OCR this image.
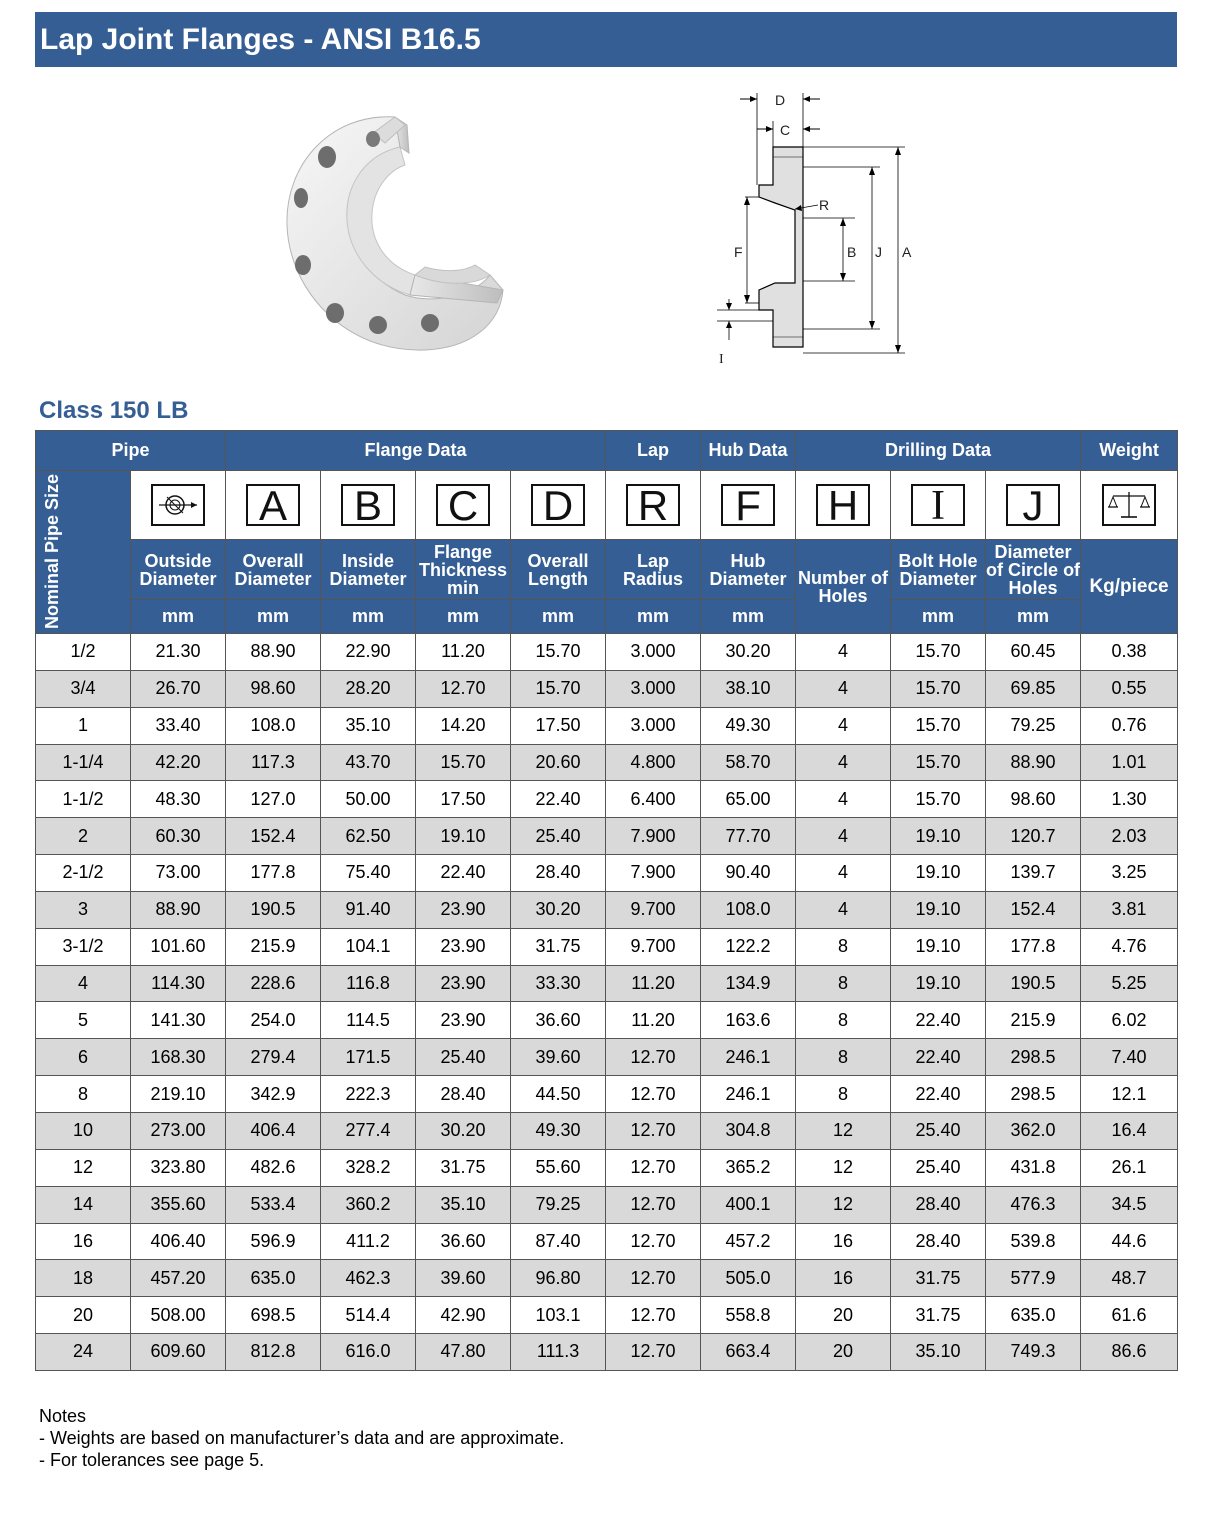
Lap Joint Flanges - ANSI B16.5
D
C
R
F	B J A
I
Class 150 LB
Pipe		Flange Data				Lap	Hub Data	Drilling Data			Weight

Nominal Pipe Size		A	B	C	D	R	F	H	I	J	
	Outside Diameter	Overall Diameter	Inside Diameter	Flange Thickness min	Overall Length	Lap Radius	Hub Diameter	Number of Holes	Bolt Hole Diameter	Diameter of Circle of Holes	Kg/piece
	mm	mm	mm	mm	mm	mm	mm		mm	mm	
1/2	21.30	88.90	22.90	11.20	15.70	3.000	30.20	4	15.70	60.45	0.38
3/4	26.70	98.60	28.20	12.70	15.70	3.000	38.10	4	15.70	69.85	0.55
1	33.40	108.0	35.10	14.20	17.50	3.000	49.30	4	15.70	79.25	0.76
1-1/4	42.20	117.3	43.70	15.70	20.60	4.800	58.70	4	15.70	88.90	1.01
1-1/2	48.30	127.0	50.00	17.50	22.40	6.400	65.00	4	15.70	98.60	1.30
2	60.30	152.4	62.50	19.10	25.40	7.900	77.70	4	19.10	120.7	2.03
2-1/2	73.00	177.8	75.40	22.40	28.40	7.900	90.40	4	19.10	139.7	3.25
3	88.90	190.5	91.40	23.90	30.20	9.700	108.0	4	19.10	152.4	3.81
3-1/2	101.60	215.9	104.1	23.90	31.75	9.700	122.2	8	19.10	177.8	4.76
4	114.30	228.6	116.8	23.90	33.30	11.20	134.9	8	19.10	190.5	5.25
5	141.30	254.0	114.5	23.90	36.60	11.20	163.6	8	22.40	215.9	6.02
6	168.30	279.4	171.5	25.40	39.60	12.70	246.1	8	22.40	298.5	7.40
8	219.10	342.9	222.3	28.40	44.50	12.70	246.1	8	22.40	298.5	12.1
10	273.00	406.4	277.4	30.20	49.30	12.70	304.8	12	25.40	362.0	16.4
12	323.80	482.6	328.2	31.75	55.60	12.70	365.2	12	25.40	431.8	26.1
14	355.60	533.4	360.2	35.10	79.25	12.70	400.1	12	28.40	476.3	34.5
16	406.40	596.9	411.2	36.60	87.40	12.70	457.2	16	28.40	539.8	44.6
18	457.20	635.0	462.3	39.60	96.80	12.70	505.0	16	31.75	577.9	48.7
20	508.00	698.5	514.4	42.90	103.1	12.70	558.8	20	31.75	635.0	61.6
24	609.60	812.8	616.0	47.80	111.3	12.70	663.4	20	35.10	749.3	86.6
Notes
- Weights are based on manufacturer’s data and are approximate.
- For tolerances see page 5.
